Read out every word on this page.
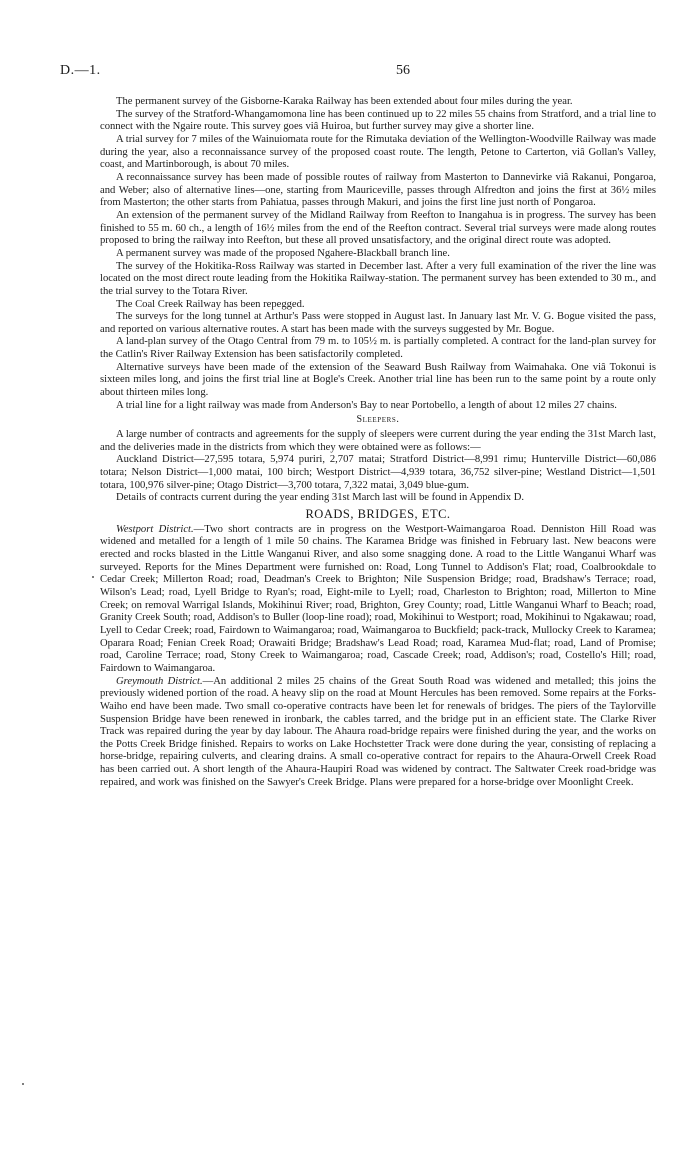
D.—1.	56

The permanent survey of the Gisborne-Karaka Railway has been extended about four miles during the year.

The survey of the Stratford-Whangamomona line has been continued up to 22 miles 55 chains from Stratford, and a trial line to connect with the Ngaire route. This survey goes viâ Huiroa, but further survey may give a shorter line.

A trial survey for 7 miles of the Wainuiomata route for the Rimutaka deviation of the Wellington-Woodville Railway was made during the year, also a reconnaissance survey of the proposed coast route. The length, Petone to Carterton, viâ Gollan's Valley, coast, and Martinborough, is about 70 miles.

A reconnaissance survey has been made of possible routes of railway from Masterton to Dannevirke viâ Rakanui, Pongaroa, and Weber; also of alternative lines—one, starting from Mauriceville, passes through Alfredton and joins the first at 36½ miles from Masterton; the other starts from Pahiatua, passes through Makuri, and joins the first line just north of Pongaroa.

An extension of the permanent survey of the Midland Railway from Reefton to Inangahua is in progress. The survey has been finished to 55 m. 60 ch., a length of 16½ miles from the end of the Reefton contract. Several trial surveys were made along routes proposed to bring the railway into Reefton, but these all proved unsatisfactory, and the original direct route was adopted.

A permanent survey was made of the proposed Ngahere-Blackball branch line.

The survey of the Hokitika-Ross Railway was started in December last. After a very full examination of the river the line was located on the most direct route leading from the Hokitika Railway-station. The permanent survey has been extended to 30 m., and the trial survey to the Totara River.

The Coal Creek Railway has been repegged.

The surveys for the long tunnel at Arthur's Pass were stopped in August last. In January last Mr. V. G. Bogue visited the pass, and reported on various alternative routes. A start has been made with the surveys suggested by Mr. Bogue.

A land-plan survey of the Otago Central from 79 m. to 105½ m. is partially completed. A contract for the land-plan survey for the Catlin's River Railway Extension has been satisfactorily completed.

Alternative surveys have been made of the extension of the Seaward Bush Railway from Waimahaka. One viâ Tokonui is sixteen miles long, and joins the first trial line at Bogle's Creek. Another trial line has been run to the same point by a route only about thirteen miles long.

A trial line for a light railway was made from Anderson's Bay to near Portobello, a length of about 12 miles 27 chains.

Sleepers.

A large number of contracts and agreements for the supply of sleepers were current during the year ending the 31st March last, and the deliveries made in the districts from which they were obtained were as follows:—

Auckland District—27,595 totara, 5,974 puriri, 2,707 matai; Stratford District—8,991 rimu; Hunterville District—60,086 totara; Nelson District—1,000 matai, 100 birch; Westport District—4,939 totara, 36,752 silver-pine; Westland District—1,501 totara, 100,976 silver-pine; Otago District—3,700 totara, 7,322 matai, 3,049 blue-gum.

Details of contracts current during the year ending 31st March last will be found in Appendix D.

ROADS, BRIDGES, ETC.

Westport District.—Two short contracts are in progress on the Westport-Waimangaroa Road. Denniston Hill Road was widened and metalled for a length of 1 mile 50 chains. The Karamea Bridge was finished in February last. New beacons were erected and rocks blasted in the Little Wanganui River, and also some snagging done. A road to the Little Wanganui Wharf was surveyed. Reports for the Mines Department were furnished on: Road, Long Tunnel to Addison's Flat; road, Coalbrookdale to Cedar Creek; Millerton Road; road, Deadman's Creek to Brighton; Nile Suspension Bridge; road, Bradshaw's Terrace; road, Wilson's Lead; road, Lyell Bridge to Ryan's; road, Eight-mile to Lyell; road, Charleston to Brighton; road, Millerton to Mine Creek; on removal Warrigal Islands, Mokihinui River; road, Brighton, Grey County; road, Little Wanganui Wharf to Beach; road, Granity Creek South; road, Addison's to Buller (loop-line road); road, Mokihinui to Westport; road, Mokihinui to Ngakawau; road, Lyell to Cedar Creek; road, Fairdown to Waimangaroa; road, Waimangaroa to Buckfield; pack-track, Mullocky Creek to Karamea; Oparara Road; Fenian Creek Road; Orawaiti Bridge; Bradshaw's Lead Road; road, Karamea Mud-flat; road, Land of Promise; road, Caroline Terrace; road, Stony Creek to Waimangaroa; road, Cascade Creek; road, Addison's; road, Costello's Hill; road, Fairdown to Waimangaroa.

Greymouth District.—An additional 2 miles 25 chains of the Great South Road was widened and metalled; this joins the previously widened portion of the road. A heavy slip on the road at Mount Hercules has been removed. Some repairs at the Forks-Waiho end have been made. Two small co-operative contracts have been let for renewals of bridges. The piers of the Taylorville Suspension Bridge have been renewed in ironbark, the cables tarred, and the bridge put in an efficient state. The Clarke River Track was repaired during the year by day labour. The Ahaura road-bridge repairs were finished during the year, and the works on the Potts Creek Bridge finished. Repairs to works on Lake Hochstetter Track were done during the year, consisting of replacing a horse-bridge, repairing culverts, and clearing drains. A small co-operative contract for repairs to the Ahaura-Orwell Creek Road has been carried out. A short length of the Ahaura-Haupiri Road was widened by contract. The Saltwater Creek road-bridge was repaired, and work was finished on the Sawyer's Creek Bridge. Plans were prepared for a horse-bridge over Moonlight Creek.
